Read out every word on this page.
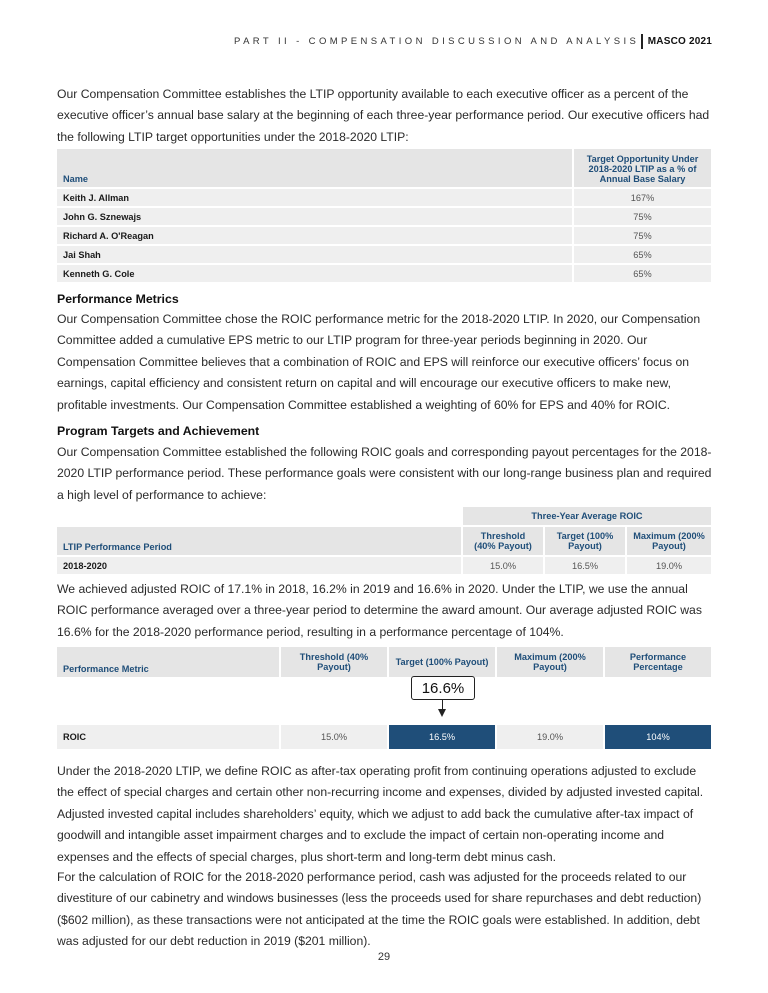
PART II - COMPENSATION DISCUSSION AND ANALYSIS MASCO 2021

Our Compensation Committee establishes the LTIP opportunity available to each executive officer as a percent of the executive officer’s annual base salary at the beginning of each three-year performance period. Our executive officers had the following LTIP target opportunities under the 2018-2020 LTIP:

Name	Target Opportunity Under 2018-2020 LTIP as a % of Annual Base Salary
Keith J. Allman	167%
John G. Sznewajs	75%
Richard A. O'Reagan	75%
Jai Shah	65%
Kenneth G. Cole	65%
Performance Metrics

Our Compensation Committee chose the ROIC performance metric for the 2018-2020 LTIP. In 2020, our Compensation Committee added a cumulative EPS metric to our LTIP program for three-year periods beginning in 2020. Our Compensation Committee believes that a combination of ROIC and EPS will reinforce our executive officers’ focus on earnings, capital efficiency and consistent return on capital and will encourage our executive officers to make new, profitable investments. Our Compensation Committee established a weighting of 60% for EPS and 40% for ROIC.

Program Targets and Achievement

Our Compensation Committee established the following ROIC goals and corresponding payout percentages for the 2018-2020 LTIP performance period. These performance goals were consistent with our long-range business plan and required a high level of performance to achieve:

	Three-Year Average ROIC		
LTIP Performance Period	Threshold (40% Payout)	Target (100% Payout)	Maximum (200% Payout)
2018-2020	15.0%	16.5%	19.0%

We achieved adjusted ROIC of 17.1% in 2018, 16.2% in 2019 and 16.6% in 2020. Under the LTIP, we use the annual ROIC performance averaged over a three-year period to determine the award amount. Our average adjusted ROIC was 16.6% for the 2018-2020 performance period, resulting in a performance percentage of 104%.

Performance Metric	Threshold (40% Payout)	Target (100% Payout)	Maximum (200% Payout)	Performance Percentage

ROIC	15.0%	16.5%	19.0%	104%
16.6%

Under the 2018-2020 LTIP, we define ROIC as after-tax operating profit from continuing operations adjusted to exclude the effect of special charges and certain other non-recurring income and expenses, divided by adjusted invested capital. Adjusted invested capital includes shareholders’ equity, which we adjust to add back the cumulative after-tax impact of goodwill and intangible asset impairment charges and to exclude the impact of certain non-operating income and expenses and the effects of special charges, plus short-term and long-term debt minus cash.

For the calculation of ROIC for the 2018-2020 performance period, cash was adjusted for the proceeds related to our divestiture of our cabinetry and windows businesses (less the proceeds used for share repurchases and debt reduction) ($602 million), as these transactions were not anticipated at the time the ROIC goals were established. In addition, debt was adjusted for our debt reduction in 2019 ($201 million).

29
